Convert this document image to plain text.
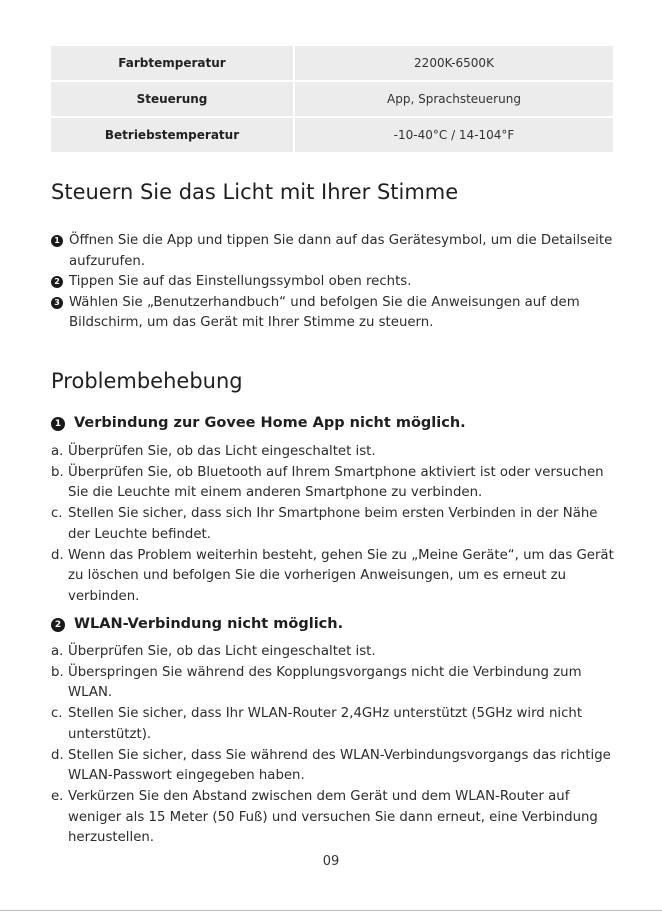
Farbtemperatur	2200K-6500K
Steuerung	App, Sprachsteuerung
Betriebstemperatur	-10-40°C / 14-104°F
Steuern Sie das Licht mit Ihrer Stimme
1 Öffnen Sie die App und tippen Sie dann auf das Gerätesymbol, um die Detailseite aufzurufen.
2 Tippen Sie auf das Einstellungssymbol oben rechts.
3 Wählen Sie „Benutzerhandbuch“ und befolgen Sie die Anweisungen auf dem Bildschirm, um das Gerät mit Ihrer Stimme zu steuern.
Problembehebung
1 Verbindung zur Govee Home App nicht möglich.
a. Überprüfen Sie, ob das Licht eingeschaltet ist.
b. Überprüfen Sie, ob Bluetooth auf Ihrem Smartphone aktiviert ist oder versuchen Sie die Leuchte mit einem anderen Smartphone zu verbinden.
c. Stellen Sie sicher, dass sich Ihr Smartphone beim ersten Verbinden in der Nähe der Leuchte befindet.
d. Wenn das Problem weiterhin besteht, gehen Sie zu „Meine Geräte“, um das Gerät zu löschen und befolgen Sie die vorherigen Anweisungen, um es erneut zu verbinden.
2 WLAN-Verbindung nicht möglich.
a. Überprüfen Sie, ob das Licht eingeschaltet ist.
b. Überspringen Sie während des Kopplungsvorgangs nicht die Verbindung zum WLAN.
c. Stellen Sie sicher, dass Ihr WLAN-Router 2,4GHz unterstützt (5GHz wird nicht unterstützt).
d. Stellen Sie sicher, dass Sie während des WLAN-Verbindungsvorgangs das richtige WLAN-Passwort eingegeben haben.
e. Verkürzen Sie den Abstand zwischen dem Gerät und dem WLAN-Router auf weniger als 15 Meter (50 Fuß) und versuchen Sie dann erneut, eine Verbindung herzustellen.
09
